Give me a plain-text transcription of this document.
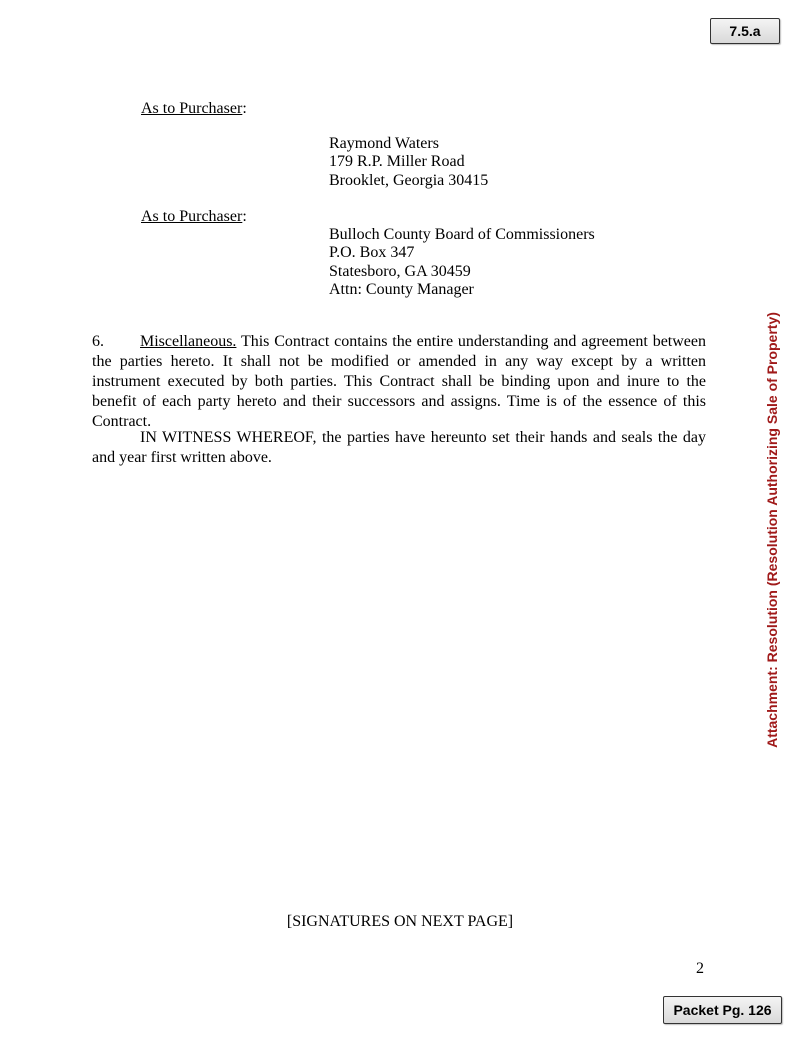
7.5.a
As to Purchaser:
Raymond Waters
179 R.P. Miller Road
Brooklet, Georgia 30415
As to Purchaser:
Bulloch County Board of Commissioners
P.O. Box 347
Statesboro, GA 30459
Attn: County Manager
6. Miscellaneous. This Contract contains the entire understanding and agreement between the parties hereto. It shall not be modified or amended in any way except by a written instrument executed by both parties. This Contract shall be binding upon and inure to the benefit of each party hereto and their successors and assigns. Time is of the essence of this Contract.
IN WITNESS WHEREOF, the parties have hereunto set their hands and seals the day and year first written above.	Attachment: Resolution (Resolution Authorizing Sale of Property)
[SIGNATURES ON NEXT PAGE]
2
Packet Pg. 126
